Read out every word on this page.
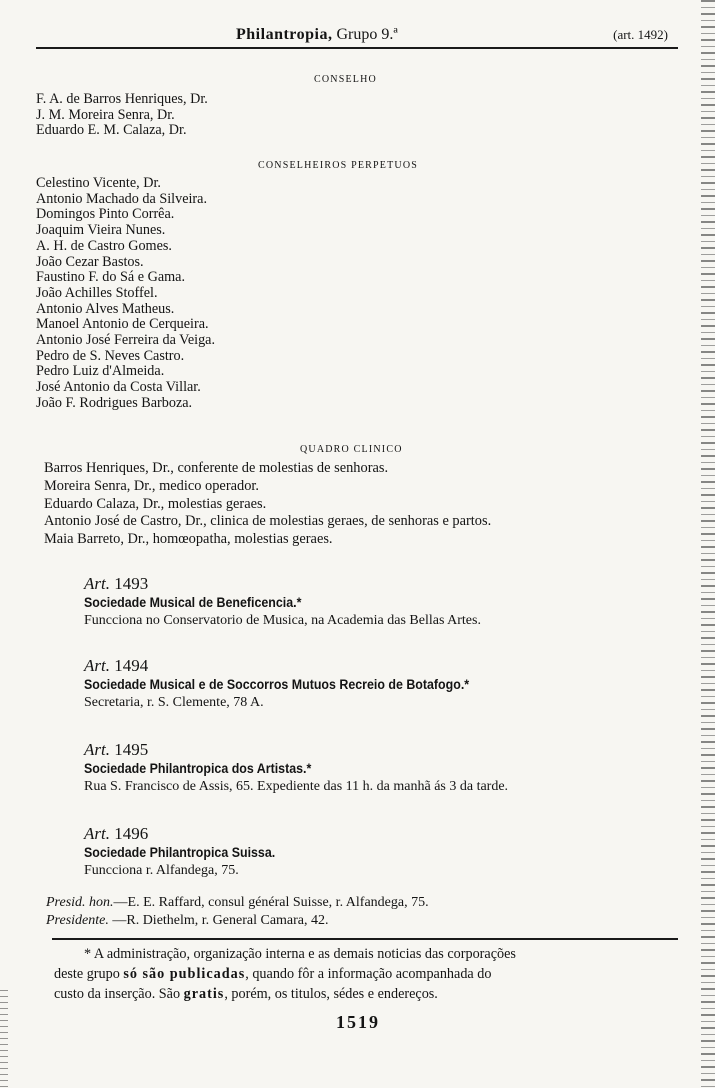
Philantropia, Grupo 9.ª	(art. 1492)
CONSELHO
F. A. de Barros Henriques, Dr.
J. M. Moreira Senra, Dr.
Eduardo E. M. Calaza, Dr.
CONSELHEIROS PERPETUOS
Celestino Vicente, Dr.
Antonio Machado da Silveira.
Domingos Pinto Corrêa.
Joaquim Vieira Nunes.
A. H. de Castro Gomes.
João Cezar Bastos.
Faustino F. do Sá e Gama.
João Achilles Stoffel.
Antonio Alves Matheus.
Manoel Antonio de Cerqueira.
Antonio José Ferreira da Veiga.
Pedro de S. Neves Castro.
Pedro Luiz d'Almeida.
José Antonio da Costa Villar.
João F. Rodrigues Barboza.
QUADRO CLINICO
Barros Henriques, Dr., conferente de molestias de senhoras.
Moreira Senra, Dr., medico operador.
Eduardo Calaza, Dr., molestias geraes.
Antonio José de Castro, Dr., clinica de molestias geraes, de senhoras e partos.
Maia Barreto, Dr., homœopatha, molestias geraes.
Art. 1493
Sociedade Musical de Beneficencia.*
Funcciona no Conservatorio de Musica, na Academia das Bellas Artes.
Art. 1494
Sociedade Musical e de Soccorros Mutuos Recreio de Botafogo.*
Secretaria, r. S. Clemente, 78 A.
Art. 1495
Sociedade Philantropica dos Artistas.*
Rua S. Francisco de Assis, 65. Expediente das 11 h. da manhã ás 3 da tarde.
Art. 1496
Sociedade Philantropica Suissa.
Funcciona r. Alfandega, 75.
Presid. hon.—E. E. Raffard, consul général Suisse, r. Alfandega, 75.
Presidente. —R. Diethelm, r. General Camara, 42.
* A administração, organização interna e as demais noticias das corporações
deste grupo só são publicadas, quando fôr a informação acompanhada do
custo da inserção. São gratis, porém, os titulos, sédes e endereços.
1519
